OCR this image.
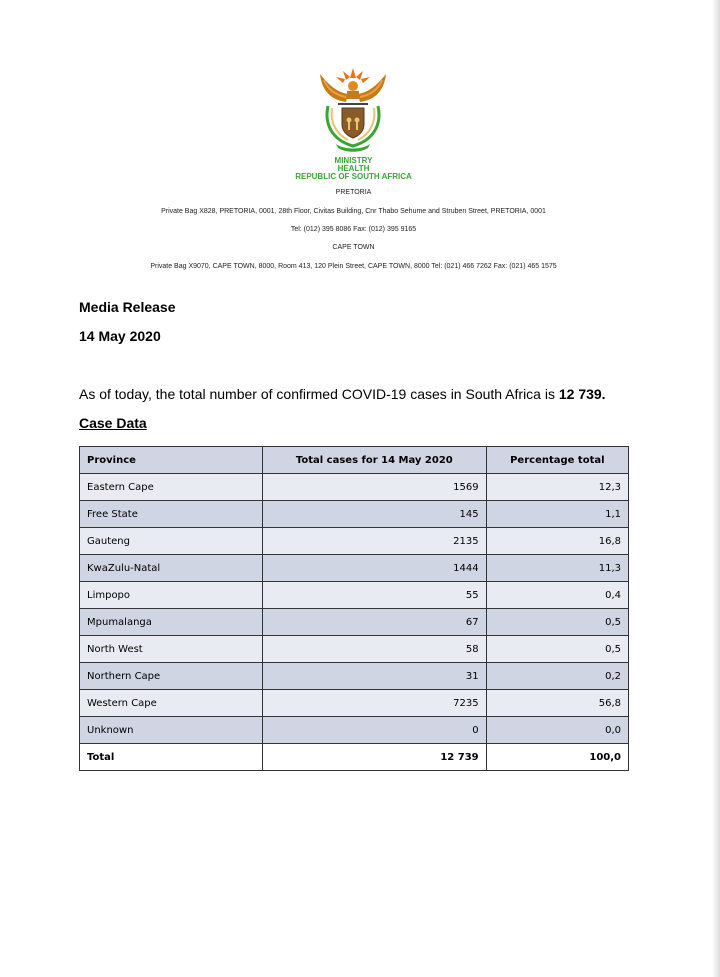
MINISTRY
HEALTH
REPUBLIC OF SOUTH AFRICA
PRETORIA
Private Bag X828, PRETORIA, 0001, 28th Floor, Civitas Building, Cnr Thabo Sehume and Struben Street, PRETORIA, 0001
Tel: (012) 395 8086 Fax: (012) 395 9165
CAPE TOWN
Private Bag X9070, CAPE TOWN, 8000, Room 413, 120 Plein Street, CAPE TOWN, 8000 Tel: (021) 466 7262 Fax: (021) 465 1575
Media Release
14 May 2020
As of today, the total number of confirmed COVID-19 cases in South Africa is 12 739.
Case Data
Province	Total cases for 14 May 2020	Percentage total
Eastern Cape	1569	12,3
Free State	145	1,1
Gauteng	2135	16,8
KwaZulu-Natal	1444	11,3
Limpopo	55	0,4
Mpumalanga	67	0,5
North West	58	0,5
Northern Cape	31	0,2
Western Cape	7235	56,8
Unknown	0	0,0
Total	12 739	100,0
